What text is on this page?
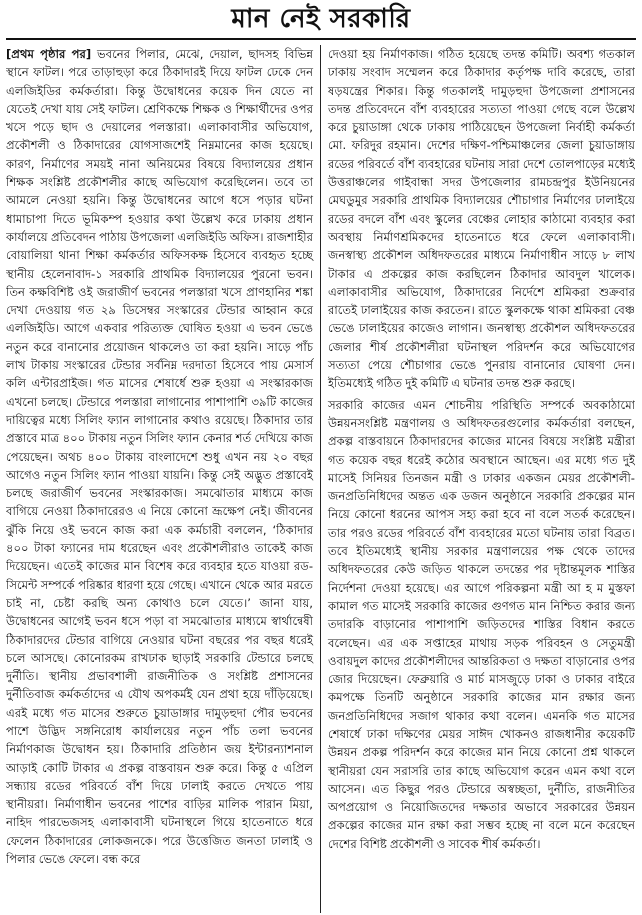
মান নেই সরকারি

[প্রথম পৃষ্ঠার পর] ভবনের পিলার, মেঝে, দেয়াল, ছাদসহ বিভিন্ন স্থানে ফাটল। পরে তাড়াহুড়া করে ঠিকাদারই দিয়ে ফাটল ঢেকে দেন এলজিইডির কর্মকর্তারা। কিন্তু উদ্বোধনের কয়েক দিন যেতে না যেতেই দেখা যায় সেই ফাটল। শ্রেণিকক্ষে শিক্ষক ও শিক্ষার্থীদের ওপর খসে পড়ে ছাদ ও দেয়ালের পলস্তারা। এলাকাবাসীর অভিযোগ, প্রকৌশলী ও ঠিকাদারের যোগসাজশেই নিম্নমানের কাজ হয়েছে। কারণ, নির্মাণের সময়ই নানা অনিয়মের বিষয়ে বিদ্যালয়ের প্রধান শিক্ষক সংশ্লিষ্ট প্রকৌশলীর কাছে অভিযোগ করেছিলেন। তবে তা আমলে নেওয়া হয়নি। কিন্তু উদ্বোধনের আগে ধসে পড়ার ঘটনা ধামাচাপা দিতে ভূমিকম্প হওয়ার কথা উল্লেখ করে ঢাকায় প্রধান কার্যালয়ে প্রতিবেদন পাঠায় উপজেলা এলজিইডি অফিস। রাজশাহীর বোয়ালিয়া থানা শিক্ষা কর্মকর্তার অফিসকক্ষ হিসেবে ব্যবহৃত হচ্ছে স্থানীয় হেলেনাবাদ-১ সরকারি প্রাথমিক বিদ্যালয়ের পুরনো ভবন। তিন কক্ষবিশিষ্ট ওই জরাজীর্ণ ভবনের পলস্তারা খসে প্রাণহানির শঙ্কা দেখা দেওয়ায় গত ২৯ ডিসেম্বর সংস্কারের টেন্ডার আহ্বান করে এলজিইডি। আগে একবার পরিত্যক্ত ঘোষিত হওয়া এ ভবন ভেঙে নতুন করে বানানোর প্রয়োজন থাকলেও তা করা হয়নি। সাড়ে পাঁচ লাখ টাকায় সংস্কারের টেন্ডার সর্বনিম্ন দরদাতা হিসেবে পায় মেসার্স কলি এন্টারপ্রাইজ। গত মাসের শেষার্ধে শুরু হওয়া এ সংস্কারকাজ এখনো চলছে। টেন্ডারে পলস্তারা লাগানোর পাশাপাশি ৩৯টি কাজের দায়িত্বের মধ্যে সিলিং ফ্যান লাগানোর কথাও রয়েছে। ঠিকাদার তার প্রস্তাবে মাত্র ৪০০ টাকায় নতুন সিলিং ফ্যান কেনার শর্ত দেখিয়ে কাজ পেয়েছেন। অথচ ৪০০ টাকায় বাংলাদেশে শুধু এখন নয় ২০ বছর আগেও নতুন সিলিং ফ্যান পাওয়া যায়নি। কিন্তু সেই অদ্ভুত প্রস্তাবেই চলছে জরাজীর্ণ ভবনের সংস্কারকাজ। সমঝোতার মাধ্যমে কাজ বাগিয়ে নেওয়া ঠিকাদারেরও এ নিয়ে কোনো ভ্রূক্ষেপ নেই। জীবনের ঝুঁকি নিয়ে ওই ভবনে কাজ করা এক কর্মচারী বললেন, ‘ঠিকাদার ৪০০ টাকা ফ্যানের দাম ধরেছেন এবং প্রকৌশলীরাও তাকেই কাজ দিয়েছেন। এতেই কাজের মান বিশেষ করে ব্যবহার হতে যাওয়া রড-সিমেন্ট সম্পর্কে পরিষ্কার ধারণা হয়ে গেছে। এখানে থেকে আর মরতে চাই না, চেষ্টা করছি অন্য কোথাও চলে যেতে।’ জানা যায়, উদ্বোধনের আগেই ভবন ধসে পড়া বা সমঝোতার মাধ্যমে স্বার্থান্বেষী ঠিকাদারদের টেন্ডার বাগিয়ে নেওয়ার ঘটনা বছরের পর বছর ধরেই চলে আসছে। কোনোরকম রাখঢাক ছাড়াই সরকারি টেন্ডারে চলছে দুর্নীতি। স্থানীয় প্রভাবশালী রাজনীতিক ও সংশ্লিষ্ট প্রশাসনের দুর্নীতিবাজ কর্মকর্তাদের এ যৌথ অপকর্মই যেন প্রথা হয়ে দাঁড়িয়েছে। এরই মধ্যে গত মাসের শুরুতে চুয়াডাঙ্গার দামুড়হুদা পৌর ভবনের পাশে উদ্ভিদ সঙ্গনিরোধ কার্যালয়ের নতুন পাঁচ তলা ভবনের নির্মাণকাজ উদ্বোধন হয়। ঠিকাদারি প্রতিষ্ঠান জয় ইন্টারন্যাশনাল আড়াই কোটি টাকার এ প্রকল্প বাস্তবায়ন শুরু করে। কিন্তু ৫ এপ্রিল সন্ধ্যায় রডের পরিবর্তে বাঁশ দিয়ে ঢালাই করতে দেখতে পায় স্থানীয়রা। নির্মাণাধীন ভবনের পাশের বাড়ির মালিক পারান মিয়া, নাহিদ পারভেজসহ এলাকাবাসী ঘটনাস্থলে গিয়ে হাতেনাতে ধরে ফেলেন ঠিকাদারের লোকজনকে। পরে উত্তেজিত জনতা ঢালাই ও পিলার ভেঙে ফেলে। বন্ধ করে

দেওয়া হয় নির্মাণকাজ। গঠিত হয়েছে তদন্ত কমিটি। অবশ্য গতকাল ঢাকায় সংবাদ সম্মেলন করে ঠিকাদার কর্তৃপক্ষ দাবি করেছে, তারা ষড়যন্ত্রের শিকার। কিন্তু গতকালই দামুড়হুদা উপজেলা প্রশাসনের তদন্ত প্রতিবেদনে বাঁশ ব্যবহারের সত্যতা পাওয়া গেছে বলে উল্লেখ করে চুয়াডাঙ্গা থেকে ঢাকায় পাঠিয়েছেন উপজেলা নির্বাহী কর্মকর্তা মো. ফরিদুর রহমান। দেশের দক্ষিণ-পশ্চিমাঞ্চলের জেলা চুয়াডাঙ্গায় রডের পরিবর্তে বাঁশ ব্যবহারের ঘটনায় সারা দেশে তোলপাড়ের মধ্যেই উত্তরাঞ্চলের গাইবান্ধা সদর উপজেলার রামচন্দ্রপুর ইউনিয়নের মেঘডুমুর সরকারি প্রাথমিক বিদ্যালয়ের শৌচাগার নির্মাণের ঢালাইয়ে রডের বদলে বাঁশ এবং স্কুলের বেঞ্চের লোহার কাঠামো ব্যবহার করা অবস্থায় নির্মাণশ্রমিকদের হাতেনাতে ধরে ফেলে এলাকাবাসী। জনস্বাস্থ্য প্রকৌশল অধিদফতরের মাধ্যমে নির্মাণাধীন সাড়ে ৮ লাখ টাকার এ প্রকল্পের কাজ করছিলেন ঠিকাদার আবদুল খালেক। এলাকাবাসীর অভিযোগ, ঠিকাদারের নির্দেশে শ্রমিকরা শুক্রবার রাতেই ঢালাইয়ের কাজ করতেন। রাতে স্কুলকক্ষে থাকা শ্রমিকরা বেঞ্চ ভেঙে ঢালাইয়ের কাজেও লাগান। জনস্বাস্থ্য প্রকৌশল অধিদফতরের জেলার শীর্ষ প্রকৌশলীরা ঘটনাস্থল পরিদর্শন করে অভিযোগের সত্যতা পেয়ে শৌচাগার ভেঙে পুনরায় বানানোর ঘোষণা দেন। ইতিমধ্যেই গঠিত দুই কমিটি এ ঘটনার তদন্ত শুরু করছে।

সরকারি কাজের এমন শোচনীয় পরিস্থিতি সম্পর্কে অবকাঠামো উন্নয়নসংশ্লিষ্ট মন্ত্রণালয় ও অধিদফতরগুলোর কর্মকর্তারা বলছেন, প্রকল্প বাস্তবায়নে ঠিকাদারদের কাজের মানের বিষয়ে সংশ্লিষ্ট মন্ত্রীরা গত কয়েক বছর ধরেই কঠোর অবস্থানে আছেন। এর মধ্যে গত দুই মাসেই সিনিয়র তিনজন মন্ত্রী ও ঢাকার একজন মেয়র প্রকৌশলী-জনপ্রতিনিধিদের অন্তত এক ডজন অনুষ্ঠানে সরকারি প্রকল্পের মান নিয়ে কোনো ধরনের আপস সহ্য করা হবে না বলে সতর্ক করেছেন। তার পরও রডের পরিবর্তে বাঁশ ব্যবহারের মতো ঘটনায় তারা বিব্রত। তবে ইতিমধ্যেই স্থানীয় সরকার মন্ত্রণালয়ের পক্ষ থেকে তাদের অধিদফতরের কেউ জড়িত থাকলে তদন্তের পর দৃষ্টান্তমূলক শাস্তির নির্দেশনা দেওয়া হয়েছে। এর আগে পরিকল্পনা মন্ত্রী আ হ ম মুস্তফা কামাল গত মাসেই সরকারি কাজের গুণগত মান নিশ্চিত করার জন্য তদারকি বাড়ানোর পাশাপাশি জড়িতদের শাস্তির বিধান করতে বলেছেন। এর এক সপ্তাহের মাথায় সড়ক পরিবহন ও সেতুমন্ত্রী ওবায়দুল কাদের প্রকৌশলীদের আন্তরিকতা ও দক্ষতা বাড়ানোর ওপর জোর দিয়েছেন। ফেব্রুয়ারি ও মার্চ মাসজুড়ে ঢাকা ও ঢাকার বাইরে কমপক্ষে তিনটি অনুষ্ঠানে সরকারি কাজের মান রক্ষার জন্য জনপ্রতিনিধিদের সজাগ থাকার কথা বলেন। এমনকি গত মাসের শেষার্ধে ঢাকা দক্ষিণের মেয়র সাঈদ খোকনও রাজধানীর কয়েকটি উন্নয়ন প্রকল্প পরিদর্শন করে কাজের মান নিয়ে কোনো প্রশ্ন থাকলে স্থানীয়রা যেন সরাসরি তার কাছে অভিযোগ করেন এমন কথা বলে আসেন। এত কিছুর পরও টেন্ডারে অস্বচ্ছতা, দুর্নীতি, রাজনীতির অপপ্রয়োগ ও নিয়োজিতদের দক্ষতার অভাবে সরকারের উন্নয়ন প্রকল্পের কাজের মান রক্ষা করা সম্ভব হচ্ছে না বলে মনে করেছেন দেশের বিশিষ্ট প্রকৌশলী ও সাবেক শীর্ষ কর্মকর্তা।
